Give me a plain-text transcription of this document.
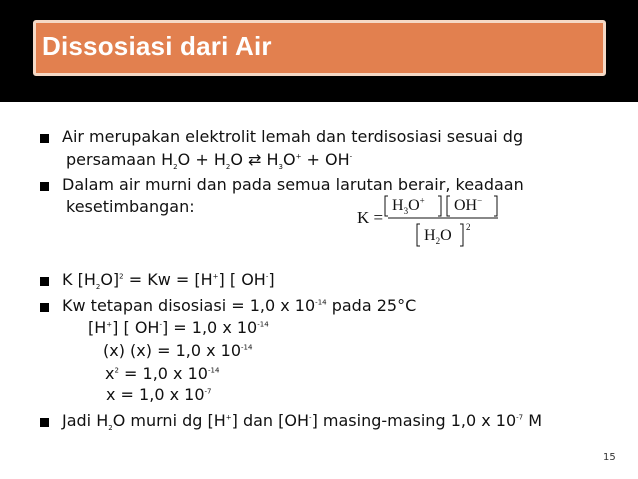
Dissosiasi dari Air
Air merupakan elektrolit lemah dan terdisosiasi sesuai dg
persamaan $H_2O + H_2O$ ⇄ $H_3O^+ + OH^-$
Dalam air murni dan pada semua larutan berair, keadaan
kesetimbangan:
K =
$H_3O^+$ OH−
$H_2O$ 2
K $[H_2O]^2 = Kw = [H^+]$ [ OH-]
Kw tetapan disosiasi = 1,0 x $10^{-14}$ pada 25°C
[H+] [ OH-] = 1,0 x $10^{-14}$
(x) (x) = 1,0 x $10^{-14}$
$x^2 = 1,0$ x $10^{-14}$
x = 1,0 x $10^{-7}$
Jadi $H_2O$ murni dg [H+] dan [OH-] masing-masing 1,0 x $10^{-7}$ M
15
